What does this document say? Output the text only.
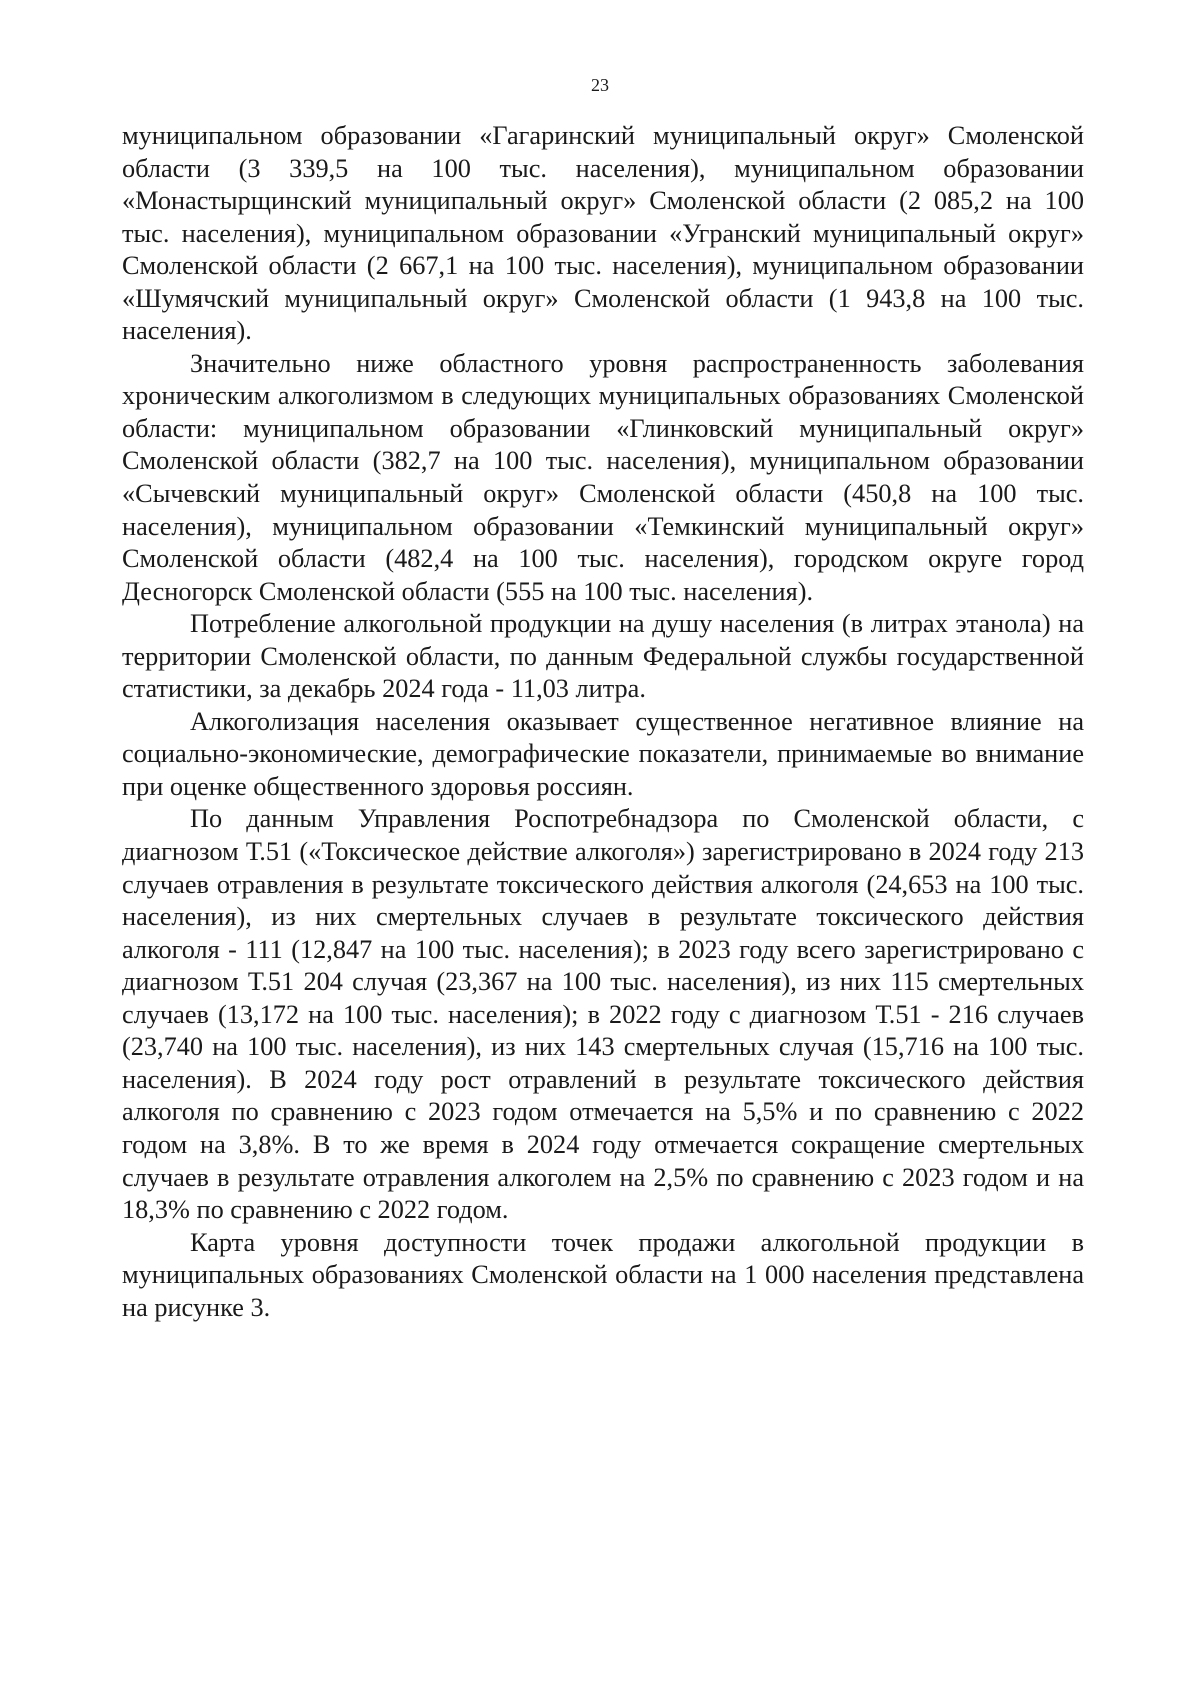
23

муниципальном образовании «Гагаринский муниципальный округ» Смоленской области (3 339,5 на 100 тыс. населения), муниципальном образовании «Монастырщинский муниципальный округ» Смоленской области (2 085,2 на 100 тыс. населения), муниципальном образовании «Угранский муниципальный округ» Смоленской области (2 667,1 на 100 тыс. населения), муниципальном образовании «Шумячский муниципальный округ» Смоленской области (1 943,8 на 100 тыс. населения).

Значительно ниже областного уровня распространенность заболевания хроническим алкоголизмом в следующих муниципальных образованиях Смоленской области: муниципальном образовании «Глинковский муниципальный округ» Смоленской области (382,7 на 100 тыс. населения), муниципальном образовании «Сычевский муниципальный округ» Смоленской области (450,8 на 100 тыс. населения), муниципальном образовании «Темкинский муниципальный округ» Смоленской области (482,4 на 100 тыс. населения), городском округе город Десногорск Смоленской области (555 на 100 тыс. населения).

Потребление алкогольной продукции на душу населения (в литрах этанола) на территории Смоленской области, по данным Федеральной службы государственной статистики, за декабрь 2024 года - 11,03 литра.

Алкоголизация населения оказывает существенное негативное влияние на социально-экономические, демографические показатели, принимаемые во внимание при оценке общественного здоровья россиян.

По данным Управления Роспотребнадзора по Смоленской области, с диагнозом Т.51 («Токсическое действие алкоголя») зарегистрировано в 2024 году 213 случаев отравления в результате токсического действия алкоголя (24,653 на 100 тыс. населения), из них смертельных случаев в результате токсического действия алкоголя - 111 (12,847 на 100 тыс. населения); в 2023 году всего зарегистрировано с диагнозом Т.51 204 случая (23,367 на 100 тыс. населения), из них 115 смертельных случаев (13,172 на 100 тыс. населения); в 2022 году с диагнозом Т.51 - 216 случаев (23,740 на 100 тыс. населения), из них 143 смертельных случая (15,716 на 100 тыс. населения). В 2024 году рост отравлений в результате токсического действия алкоголя по сравнению с 2023 годом отмечается на 5,5% и по сравнению с 2022 годом на 3,8%. В то же время в 2024 году отмечается сокращение смертельных случаев в результате отравления алкоголем на 2,5% по сравнению с 2023 годом и на 18,3% по сравнению с 2022 годом.

Карта уровня доступности точек продажи алкогольной продукции в муниципальных образованиях Смоленской области на 1 000 населения представлена на рисунке 3.
